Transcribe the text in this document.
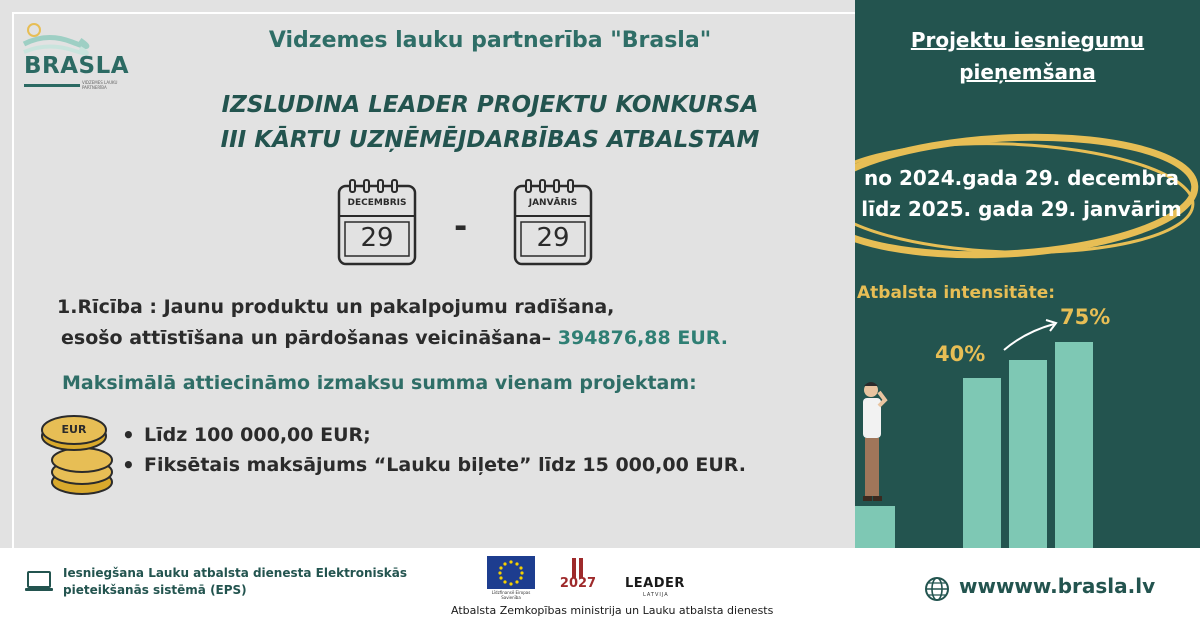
BRASLA
VIDZEMES LAUKU PARTNERĪBA
Vidzemes lauku partnerība "Brasla"
IZSLUDINA LEADER PROJEKTU KONKURSA
III KĀRTU UZŅĒMĒJDARBĪBAS ATBALSTAM
DECEMBRIS
29	-
JANVĀRIS
29
1.Rīcība : Jaunu produktu un pakalpojumu radīšana,
esošo attīstīšana un pārdošanas veicināšana– 394876,88 EUR.
Maksimālā attiecināmo izmaksu summa vienam projektam:
EUR
•	Līdz 100 000,00 EUR;
• Fiksētais maksājums “Lauku biļete” līdz 15 000,00 EUR.
Projektu iesniegumu
pieņemšana
no 2024.gada 29. decembra
līdz 2025. gada 29. janvārim
Atbalsta intensitāte:
40%
75%
Iesniegšana Lauku atbalsta dienesta Elektroniskās
pieteikšanās sistēmā (EPS)	Līdzfinansē Eiropas Savienība
2027 LEADER
LATVIJA
Atbalsta Zemkopības ministrija un Lauku atbalsta dienests
wwwww.brasla.lv
